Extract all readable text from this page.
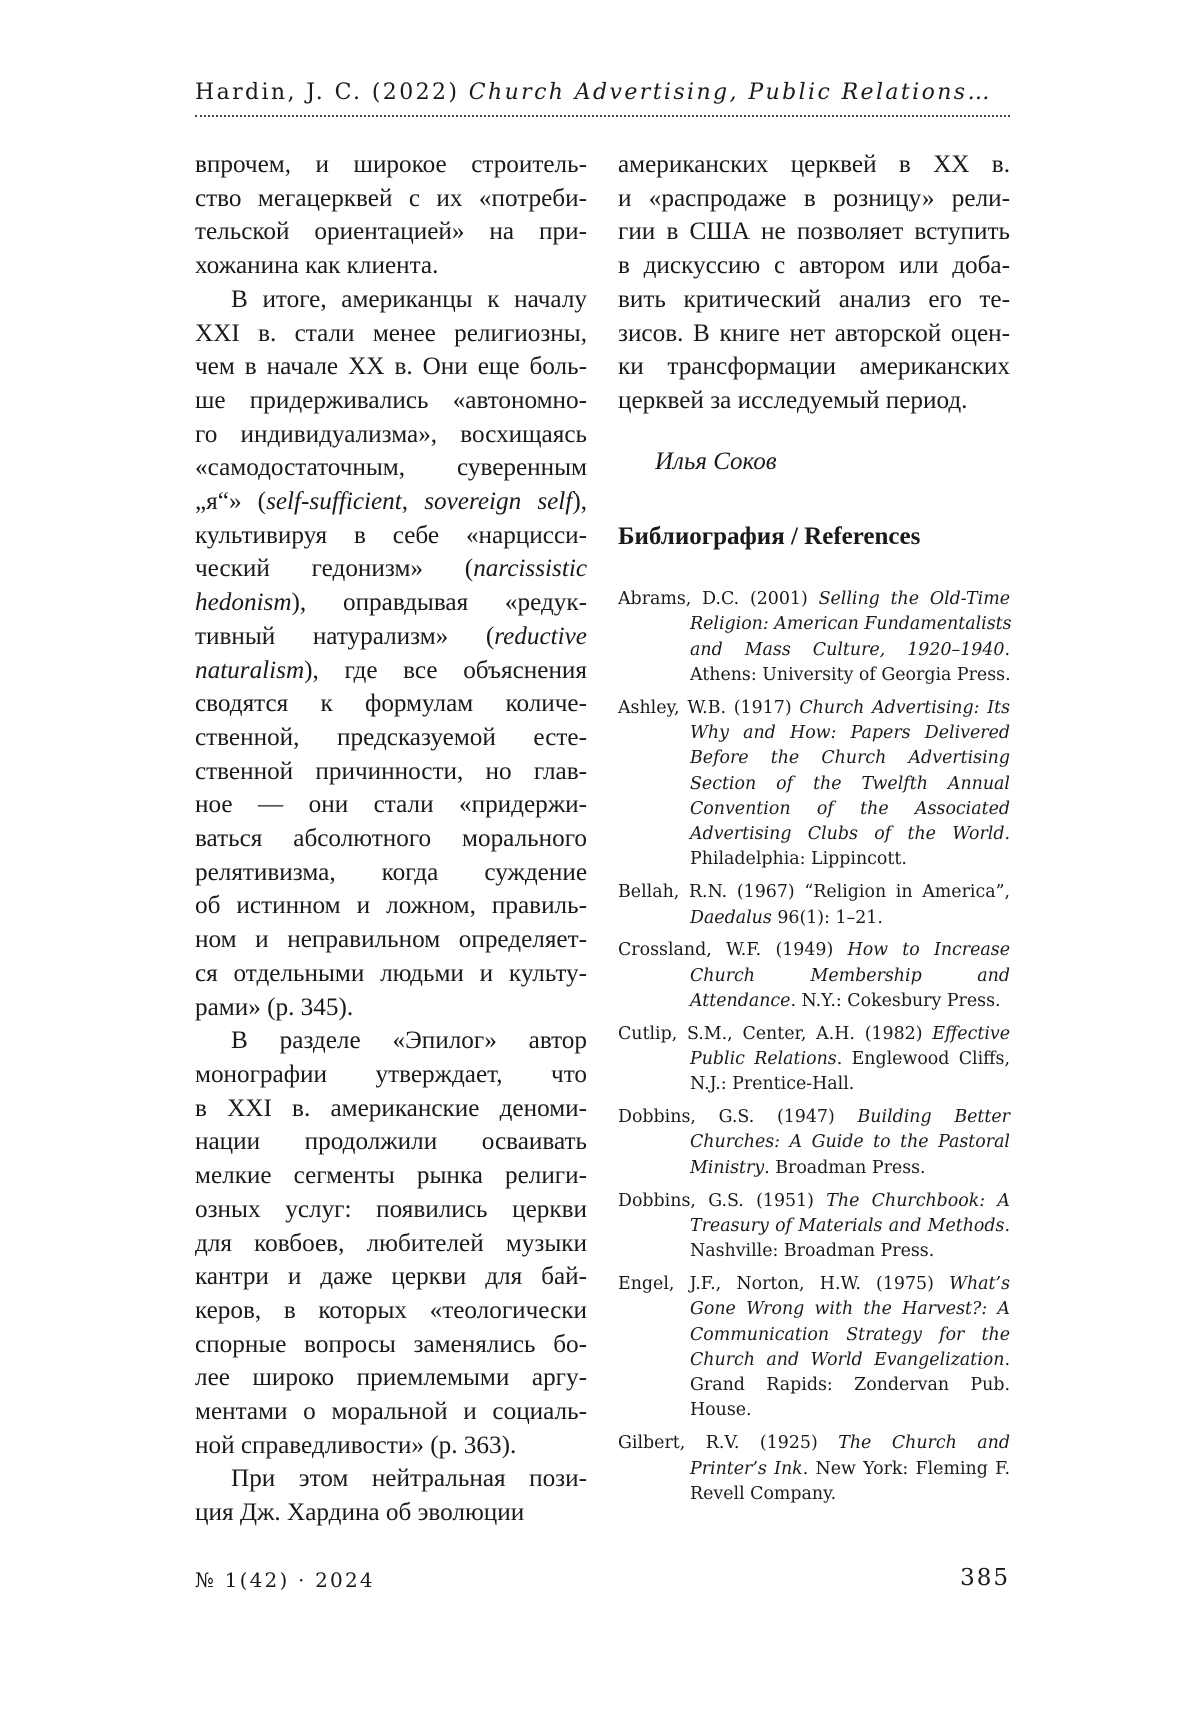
Hardin, J. C. (2022) Church Advertising, Public Relations…
впрочем, и широкое строитель-
ство мегацерквей с их «потреби-
тельской ориентацией» на при-
хожанина как клиента.
В итоге, американцы к началу
XXI в. стали менее религиозны,
чем в начале XX в. Они еще боль-
ше придерживались «автономно-
го индивидуализма», восхищаясь
«самодостаточным, суверенным
„я“» (self-sufficient, sovereign self),
культивируя в себе «нарцисси-
ческий гедонизм» (narcissistic
hedonism), оправдывая «редук-
тивный натурализм» (reductive
naturalism), где все объяснения
сводятся к формулам количе-
ственной, предсказуемой есте-
ственной причинности, но глав-
ное — они стали «придержи-
ваться абсолютного морального
релятивизма, когда суждение
об истинном и ложном, правиль-
ном и неправильном определяет-
ся отдельными людьми и культу-
рами» (p. 345).
В разделе «Эпилог» автор
монографии утверждает, что
в XXI в. американские деноми-
нации продолжили осваивать
мелкие сегменты рынка религи-
озных услуг: появились церкви
для ковбоев, любителей музыки
кантри и даже церкви для бай-
керов, в которых «теологически
спорные вопросы заменялись бо-
лее широко приемлемыми аргу-
ментами о моральной и социаль-
ной справедливости» (p. 363).
При этом нейтральная пози-
ция Дж. Хардина об эволюции
американских церквей в XX в.
и «распродаже в розницу» рели-
гии в США не позволяет вступить
в дискуссию с автором или доба-
вить критический анализ его те-
зисов. В книге нет авторской оцен-
ки трансформации американских
церквей за исследуемый период.
Илья Соков
Библиография / References
Abrams, D.C. (2001) Selling the Old-Time
Religion: American Fundamentalists
and Mass Culture, 1920–1940.
Athens: University of Georgia Press.
Ashley, W.B. (1917) Church Advertising: Its
Why and How: Papers Delivered
Before the Church Advertising
Section of the Twelfth Annual
Convention of the Associated
Advertising Clubs of the World.
Philadelphia: Lippincott.
Bellah, R.N. (1967) “Religion in America”,
Daedalus 96(1): 1–21.
Crossland, W.F. (1949) How to Increase
Church Membership and
Attendance. N.Y.: Cokesbury Press.
Cutlip, S.M., Center, A.H. (1982) Effective
Public Relations. Englewood Cliffs,
N.J.: Prentice-Hall.
Dobbins, G.S. (1947) Building Better
Churches: A Guide to the Pastoral
Ministry. Broadman Press.
Dobbins, G.S. (1951) The Churchbook: A
Treasury of Materials and Methods.
Nashville: Broadman Press.
Engel, J.F., Norton, H.W. (1975) What’s
Gone Wrong with the Harvest?: A
Communication Strategy for the
Church and World Evangelization.
Grand Rapids: Zondervan Pub.
House.
Gilbert, R.V. (1925) The Church and
Printer’s Ink. New York: Fleming F.
Revell Company.
№ 1(42) · 2024	385
